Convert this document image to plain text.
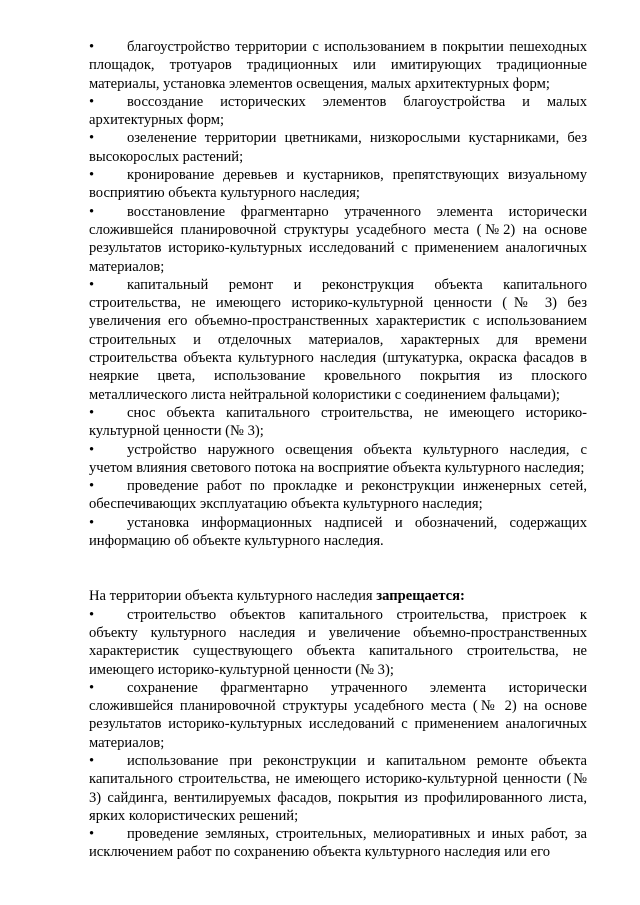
• благоустройство территории с использованием в покрытии пешеходных площадок, тротуаров традиционных или имитирующих традиционные материалы, установка элементов освещения, малых архитектурных форм;

• воссоздание исторических элементов благоустройства и малых архитектурных форм;

• озеленение территории цветниками, низкорослыми кустарниками, без высокорослых растений;

• кронирование деревьев и кустарников, препятствующих визуальному восприятию объекта культурного наследия;

• восстановление фрагментарно утраченного элемента исторически сложившейся планировочной структуры усадебного места (№2) на основе результатов историко-культурных исследований с применением аналогичных материалов;

• капитальный ремонт и реконструкция объекта капитального строительства, не имеющего историко-культурной ценности (№ 3) без увеличения его объемно-пространственных характеристик с использованием строительных и отделочных материалов, характерных для времени строительства объекта культурного наследия (штукатурка, окраска фасадов в неяркие цвета, использование кровельного покрытия из плоского металлического листа нейтральной колористики с соединением фальцами);

• снос объекта капитального строительства, не имеющего историко-культурной ценности (№ 3);

• устройство наружного освещения объекта культурного наследия, с учетом влияния светового потока на восприятие объекта культурного наследия;

• проведение работ по прокладке и реконструкции инженерных сетей, обеспечивающих эксплуатацию объекта культурного наследия;

• установка информационных надписей и обозначений, содержащих информацию об объекте культурного наследия.

На территории объекта культурного наследия запрещается:

• строительство объектов капитального строительства, пристроек к объекту культурного наследия и увеличение объемно-пространственных характеристик существующего объекта капитального строительства, не имеющего историко-культурной ценности (№ 3);

• сохранение фрагментарно утраченного элемента исторически сложившейся планировочной структуры усадебного места (№ 2) на основе результатов историко-культурных исследований с применением аналогичных материалов;

• использование при реконструкции и капитальном ремонте объекта капитального строительства, не имеющего историко-культурной ценности (№ 3) сайдинга, вентилируемых фасадов, покрытия из профилированного листа, ярких колористических решений;

• проведение земляных, строительных, мелиоративных и иных работ, за исключением работ по сохранению объекта культурного наследия или его
